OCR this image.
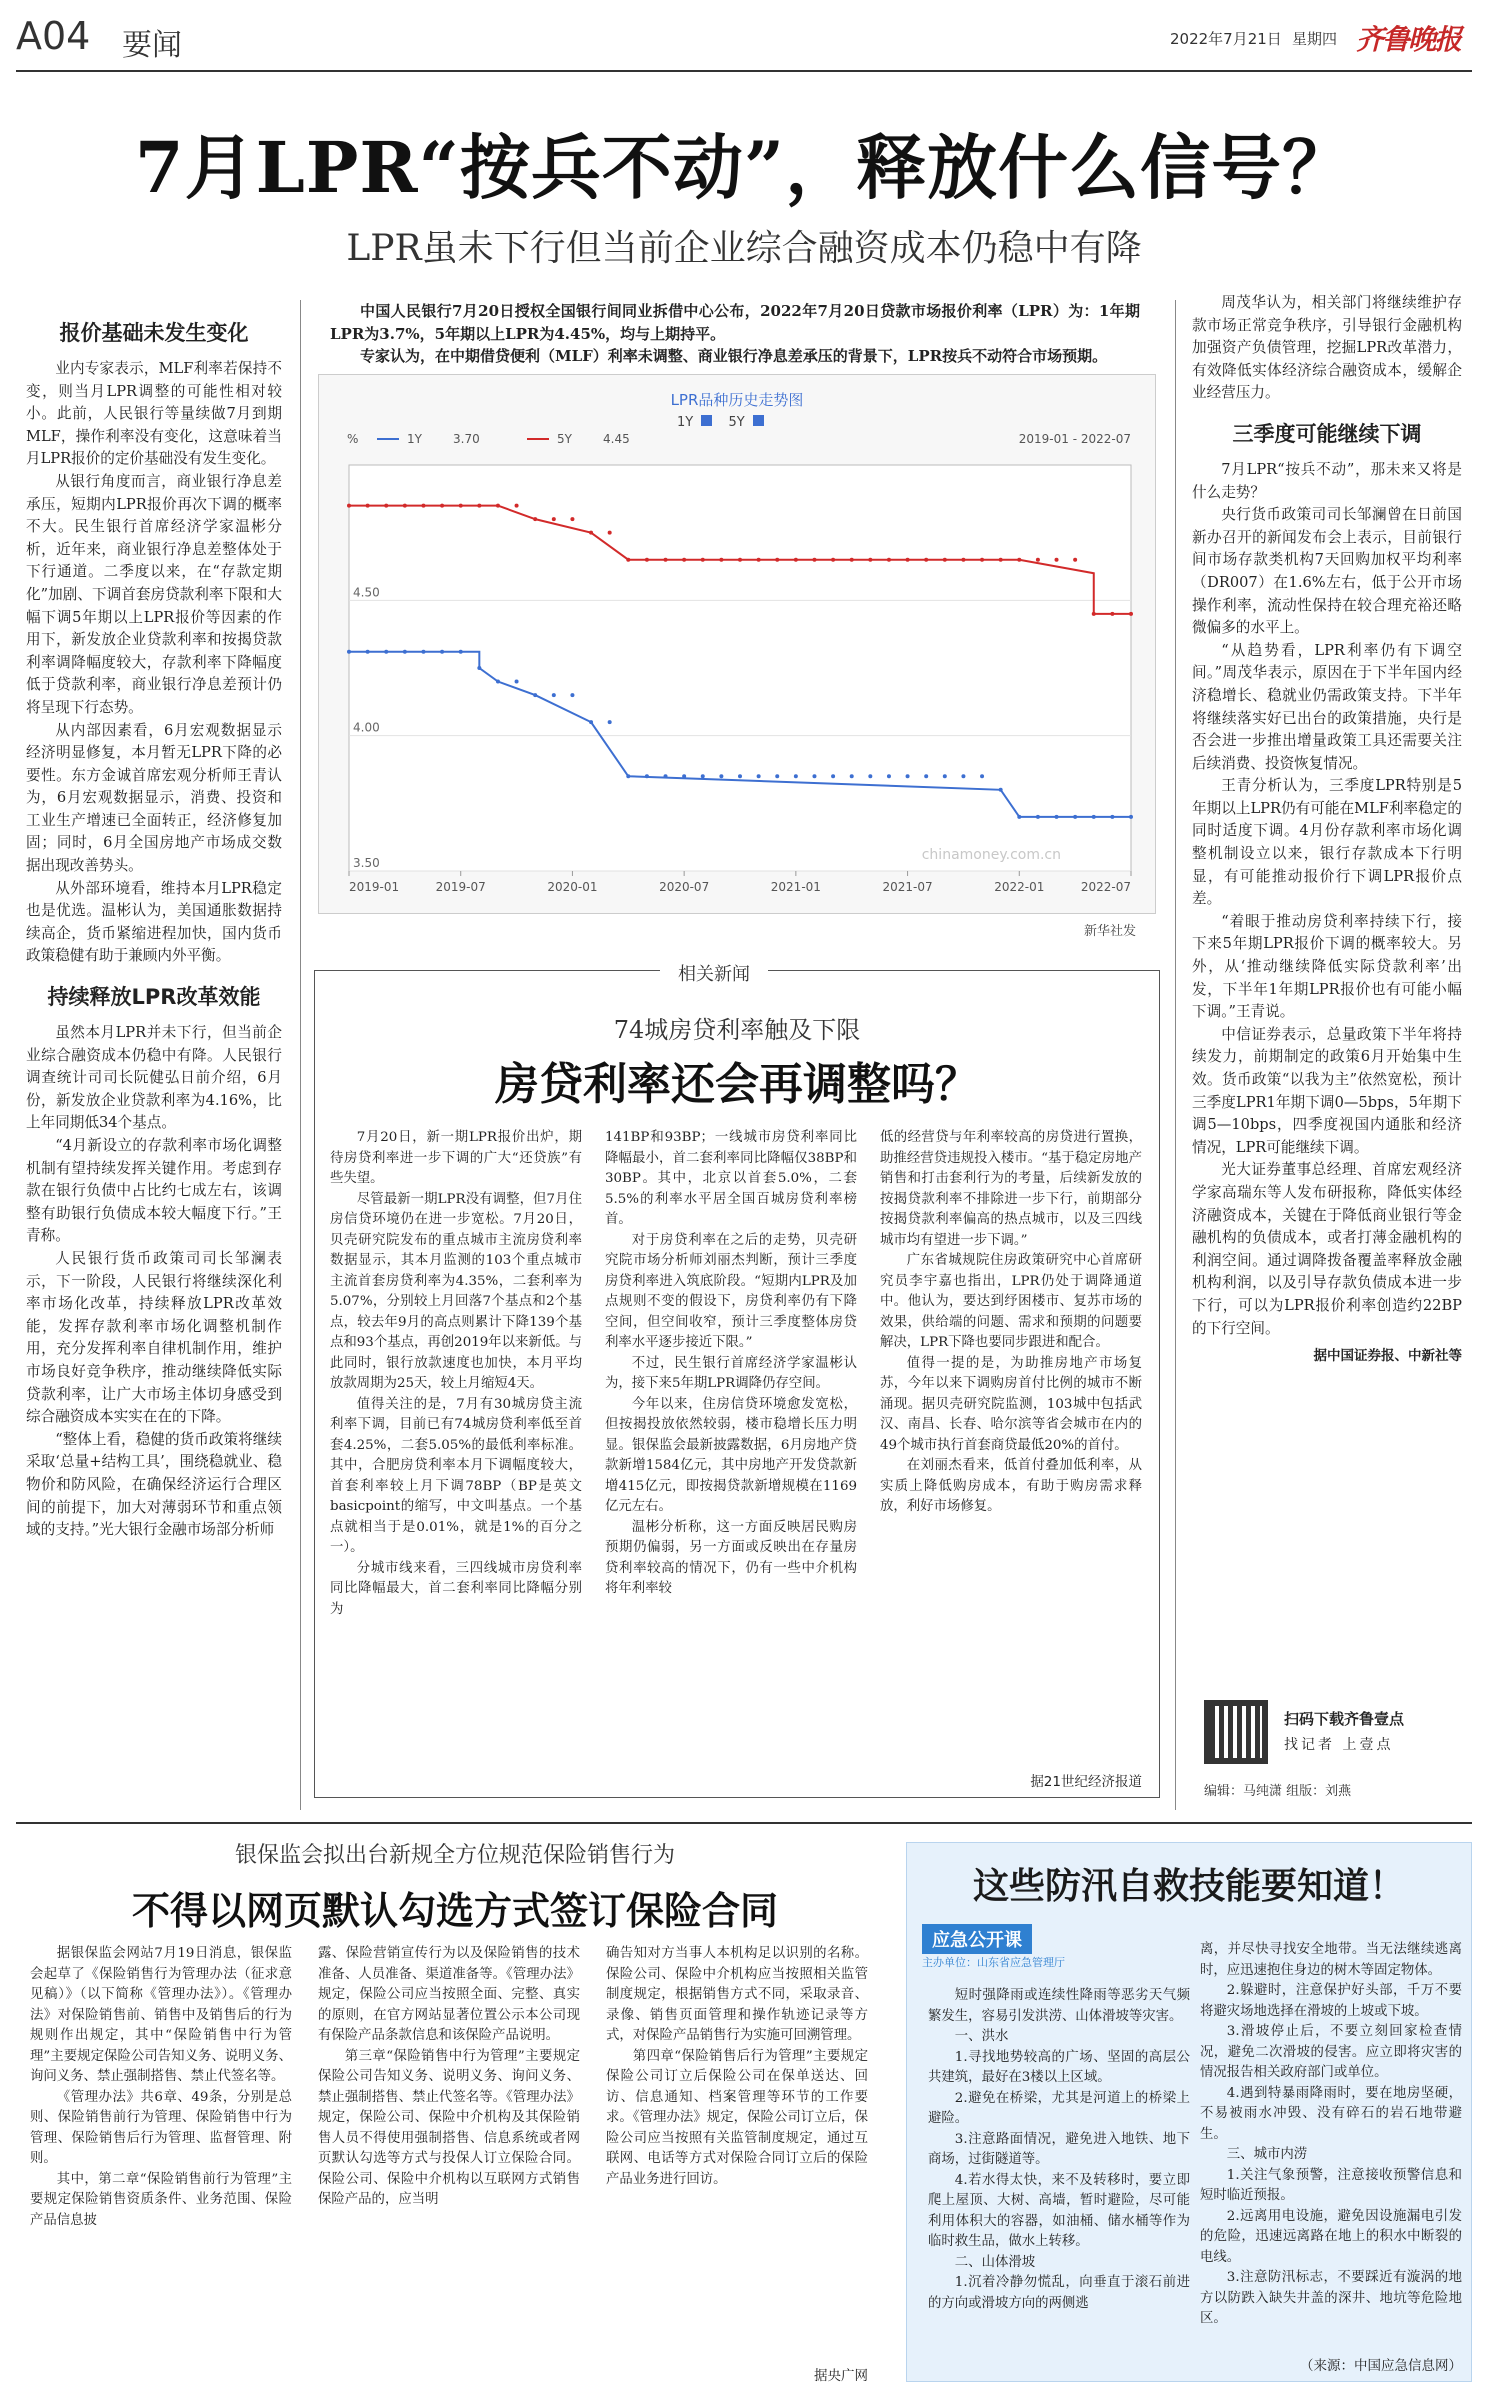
A04 要闻	2022年7月21日 星期四 齐鲁晚报
7月LPR“按兵不动”，释放什么信号？
LPR虽未下行但当前企业综合融资成本仍稳中有降
报价基础未发生变化

业内专家表示，MLF利率若保持不变，则当月LPR调整的可能性相对较小。此前，人民银行等量续做7月到期MLF，操作利率没有变化，这意味着当月LPR报价的定价基础没有发生变化。

从银行角度而言，商业银行净息差承压，短期内LPR报价再次下调的概率不大。民生银行首席经济学家温彬分析，近年来，商业银行净息差整体处于下行通道。二季度以来，在“存款定期化”加剧、下调首套房贷款利率下限和大幅下调5年期以上LPR报价等因素的作用下，新发放企业贷款利率和按揭贷款利率调降幅度较大，存款利率下降幅度低于贷款利率，商业银行净息差预计仍将呈现下行态势。

从内部因素看，6月宏观数据显示经济明显修复，本月暂无LPR下降的必要性。东方金诚首席宏观分析师王青认为，6月宏观数据显示，消费、投资和工业生产增速已全面转正，经济修复加固；同时，6月全国房地产市场成交数据出现改善势头。

从外部环境看，维持本月LPR稳定也是优选。温彬认为，美国通胀数据持续高企，货币紧缩进程加快，国内货币政策稳健有助于兼顾内外平衡。

持续释放LPR改革效能

虽然本月LPR并未下行，但当前企业综合融资成本仍稳中有降。人民银行调查统计司司长阮健弘日前介绍，6月份，新发放企业贷款利率为4.16%，比上年同期低34个基点。

“4月新设立的存款利率市场化调整机制有望持续发挥关键作用。考虑到存款在银行负债中占比约七成左右，该调整有助银行负债成本较大幅度下行。”王青称。

人民银行货币政策司司长邹澜表示，下一阶段，人民银行将继续深化利率市场化改革，持续释放LPR改革效能，发挥存款利率市场化调整机制作用，充分发挥利率自律机制作用，维护市场良好竞争秩序，推动继续降低实际贷款利率，让广大市场主体切身感受到综合融资成本实实在在的下降。

“整体上看，稳健的货币政策将继续采取‘总量+结构工具’，围绕稳就业、稳物价和防风险，在确保经济运行合理区间的前提下，加大对薄弱环节和重点领域的支持。”光大银行金融市场部分析师

中国人民银行7月20日授权全国银行间同业拆借中心公布，2022年7月20日贷款市场报价利率（LPR）为：1年期LPR为3.7%，5年期以上LPR为4.45%，均与上期持平。

专家认为，在中期借贷便利（MLF）利率未调整、商业银行净息差承压的背景下，LPR按兵不动符合市场预期。

LPR品种历史走势图
1Y	5Y
%	1Y	3.70	5Y	4.45	2019-01 - 2022-07
4.50
4.00
3.50
2019-01	2019-07	2020-01	2020-07	2021-01	2021-07	2022-01	2022-07
chinamoney.com.cn
新华社发
相关新闻
74城房贷利率触及下限
房贷利率还会再调整吗？

7月20日，新一期LPR报价出炉，期待房贷利率进一步下调的广大“还贷族”有些失望。

尽管最新一期LPR没有调整，但7月住房信贷环境仍在进一步宽松。7月20日，贝壳研究院发布的重点城市主流房贷利率数据显示，其本月监测的103个重点城市主流首套房贷利率为4.35%，二套利率为5.07%，分别较上月回落7个基点和2个基点，较去年9月的高点则累计下降139个基点和93个基点，再创2019年以来新低。与此同时，银行放款速度也加快，本月平均放款周期为25天，较上月缩短4天。

值得关注的是，7月有30城房贷主流利率下调，目前已有74城房贷利率低至首套4.25%，二套5.05%的最低利率标准。其中，合肥房贷利率本月下调幅度较大，首套利率较上月下调78BP（BP是英文basicpoint的缩写，中文叫基点。一个基点就相当于是0.01%，就是1%的百分之一）。

分城市线来看，三四线城市房贷利率同比降幅最大，首二套利率同比降幅分别为

141BP和93BP；一线城市房贷利率同比降幅最小，首二套利率同比降幅仅38BP和30BP。其中，北京以首套5.0%，二套5.5%的利率水平居全国百城房贷利率榜首。

对于房贷利率在之后的走势，贝壳研究院市场分析师刘丽杰判断，预计三季度房贷利率进入筑底阶段。“短期内LPR及加点规则不变的假设下，房贷利率仍有下降空间，但空间收窄，预计三季度整体房贷利率水平逐步接近下限。”

不过，民生银行首席经济学家温彬认为，接下来5年期LPR调降仍存空间。

今年以来，住房信贷环境愈发宽松，但按揭投放依然较弱，楼市稳增长压力明显。银保监会最新披露数据，6月房地产贷款新增1584亿元，其中房地产开发贷款新增415亿元，即按揭贷款新增规模在1169亿元左右。

温彬分析称，这一方面反映居民购房预期仍偏弱，另一方面或反映出在存量房贷利率较高的情况下，仍有一些中介机构将年利率较

低的经营贷与年利率较高的房贷进行置换，助推经营贷违规投入楼市。“基于稳定房地产销售和打击套利行为的考量，后续新发放的按揭贷款利率不排除进一步下行，前期部分按揭贷款利率偏高的热点城市，以及三四线城市均有望进一步下调。”

广东省城规院住房政策研究中心首席研究员李宇嘉也指出，LPR仍处于调降通道中。他认为，要达到纾困楼市、复苏市场的效果，供给端的问题、需求和预期的问题要解决，LPR下降也要同步跟进和配合。

值得一提的是，为助推房地产市场复苏，今年以来下调购房首付比例的城市不断涌现。据贝壳研究院监测，103城中包括武汉、南昌、长春、哈尔滨等省会城市在内的49个城市执行首套商贷最低20%的首付。

在刘丽杰看来，低首付叠加低利率，从实质上降低购房成本，有助于购房需求释放，利好市场修复。

据21世纪经济报道

周茂华认为，相关部门将继续维护存款市场正常竞争秩序，引导银行金融机构加强资产负债管理，挖掘LPR改革潜力，有效降低实体经济综合融资成本，缓解企业经营压力。

三季度可能继续下调

7月LPR“按兵不动”，那未来又将是什么走势？

央行货币政策司司长邹澜曾在日前国新办召开的新闻发布会上表示，目前银行间市场存款类机构7天回购加权平均利率（DR007）在1.6%左右，低于公开市场操作利率，流动性保持在较合理充裕还略微偏多的水平上。

“从趋势看，LPR利率仍有下调空间。”周茂华表示，原因在于下半年国内经济稳增长、稳就业仍需政策支持。下半年将继续落实好已出台的政策措施，央行是否会进一步推出增量政策工具还需要关注后续消费、投资恢复情况。

王青分析认为，三季度LPR特别是5年期以上LPR仍有可能在MLF利率稳定的同时适度下调。4月份存款利率市场化调整机制设立以来，银行存款成本下行明显，有可能推动报价行下调LPR报价点差。

“着眼于推动房贷利率持续下行，接下来5年期LPR报价下调的概率较大。另外，从‘推动继续降低实际贷款利率’出发，下半年1年期LPR报价也有可能小幅下调。”王青说。

中信证券表示，总量政策下半年将持续发力，前期制定的政策6月开始集中生效。货币政策“以我为主”依然宽松，预计三季度LPR1年期下调0—5bps，5年期下调5—10bps，四季度视国内通胀和经济情况，LPR可能继续下调。

光大证券董事总经理、首席宏观经济学家高瑞东等人发布研报称，降低实体经济融资成本，关键在于降低商业银行等金融机构的负债成本，或者打薄金融机构的利润空间。通过调降拨备覆盖率释放金融机构利润，以及引导存款负债成本进一步下行，可以为LPR报价利率创造约22BP的下行空间。

据中国证券报、中新社等
扫码下载齐鲁壹点
找记者 上壹点
编辑：马纯潇 组版：刘燕
银保监会拟出台新规全方位规范保险销售行为
不得以网页默认勾选方式签订保险合同

据银保监会网站7月19日消息，银保监会起草了《保险销售行为管理办法（征求意见稿）》（以下简称《管理办法》）。《管理办法》对保险销售前、销售中及销售后的行为规则作出规定，其中“保险销售中行为管理”主要规定保险公司告知义务、说明义务、询问义务、禁止强制搭售、禁止代签名等。

《管理办法》共6章、49条，分别是总则、保险销售前行为管理、保险销售中行为管理、保险销售后行为管理、监督管理、附则。

其中，第二章“保险销售前行为管理”主要规定保险销售资质条件、业务范围、保险产品信息披

露、保险营销宣传行为以及保险销售的技术准备、人员准备、渠道准备等。《管理办法》规定，保险公司应当按照全面、完整、真实的原则，在官方网站显著位置公示本公司现有保险产品条款信息和该保险产品说明。

第三章“保险销售中行为管理”主要规定保险公司告知义务、说明义务、询问义务、禁止强制搭售、禁止代签名等。《管理办法》规定，保险公司、保险中介机构及其保险销售人员不得使用强制搭售、信息系统或者网页默认勾选等方式与投保人订立保险合同。保险公司、保险中介机构以互联网方式销售保险产品的，应当明

确告知对方当事人本机构足以识别的名称。保险公司、保险中介机构应当按照相关监管制度规定，根据销售方式不同，采取录音、录像、销售页面管理和操作轨迹记录等方式，对保险产品销售行为实施可回溯管理。

第四章“保险销售后行为管理”主要规定保险公司订立后保险公司在保单送达、回访、信息通知、档案管理等环节的工作要求。《管理办法》规定，保险公司订立后，保险公司应当按照有关监管制度规定，通过互联网、电话等方式对保险合同订立后的保险产品业务进行回访。

据央广网
这些防汛自救技能要知道！
应急公开课
主办单位：山东省应急管理厅

短时强降雨或连续性降雨等恶劣天气频繁发生，容易引发洪涝、山体滑坡等灾害。

一、洪水

1.寻找地势较高的广场、坚固的高层公共建筑，最好在3楼以上区域。

2.避免在桥梁，尤其是河道上的桥梁上避险。

3.注意路面情况，避免进入地铁、地下商场，过街隧道等。

4.若水得太快，来不及转移时，要立即爬上屋顶、大树、高墙，暂时避险，尽可能利用体积大的容器，如油桶、储水桶等作为临时救生品，做水上转移。

二、山体滑坡

1.沉着冷静勿慌乱，向垂直于滚石前进的方向或滑坡方向的两侧逃

离，并尽快寻找安全地带。当无法继续逃离时，应迅速抱住身边的树木等固定物体。

2.躲避时，注意保护好头部，千万不要将避灾场地选择在滑坡的上坡或下坡。

3.滑坡停止后，不要立刻回家检查情况，避免二次滑坡的侵害。应立即将灾害的情况报告相关政府部门或单位。

4.遇到特暴雨降雨时，要在地房坚硬，不易被雨水冲毁、没有碎石的岩石地带避生。

三、城市内涝

1.关注气象预警，注意接收预警信息和短时临近预报。

2.远离用电设施，避免因设施漏电引发的危险，迅速远离路在地上的积水中断裂的电线。

3.注意防汛标志，不要踩近有漩涡的地方以防跌入缺失井盖的深井、地坑等危险地区。

（来源：中国应急信息网）
